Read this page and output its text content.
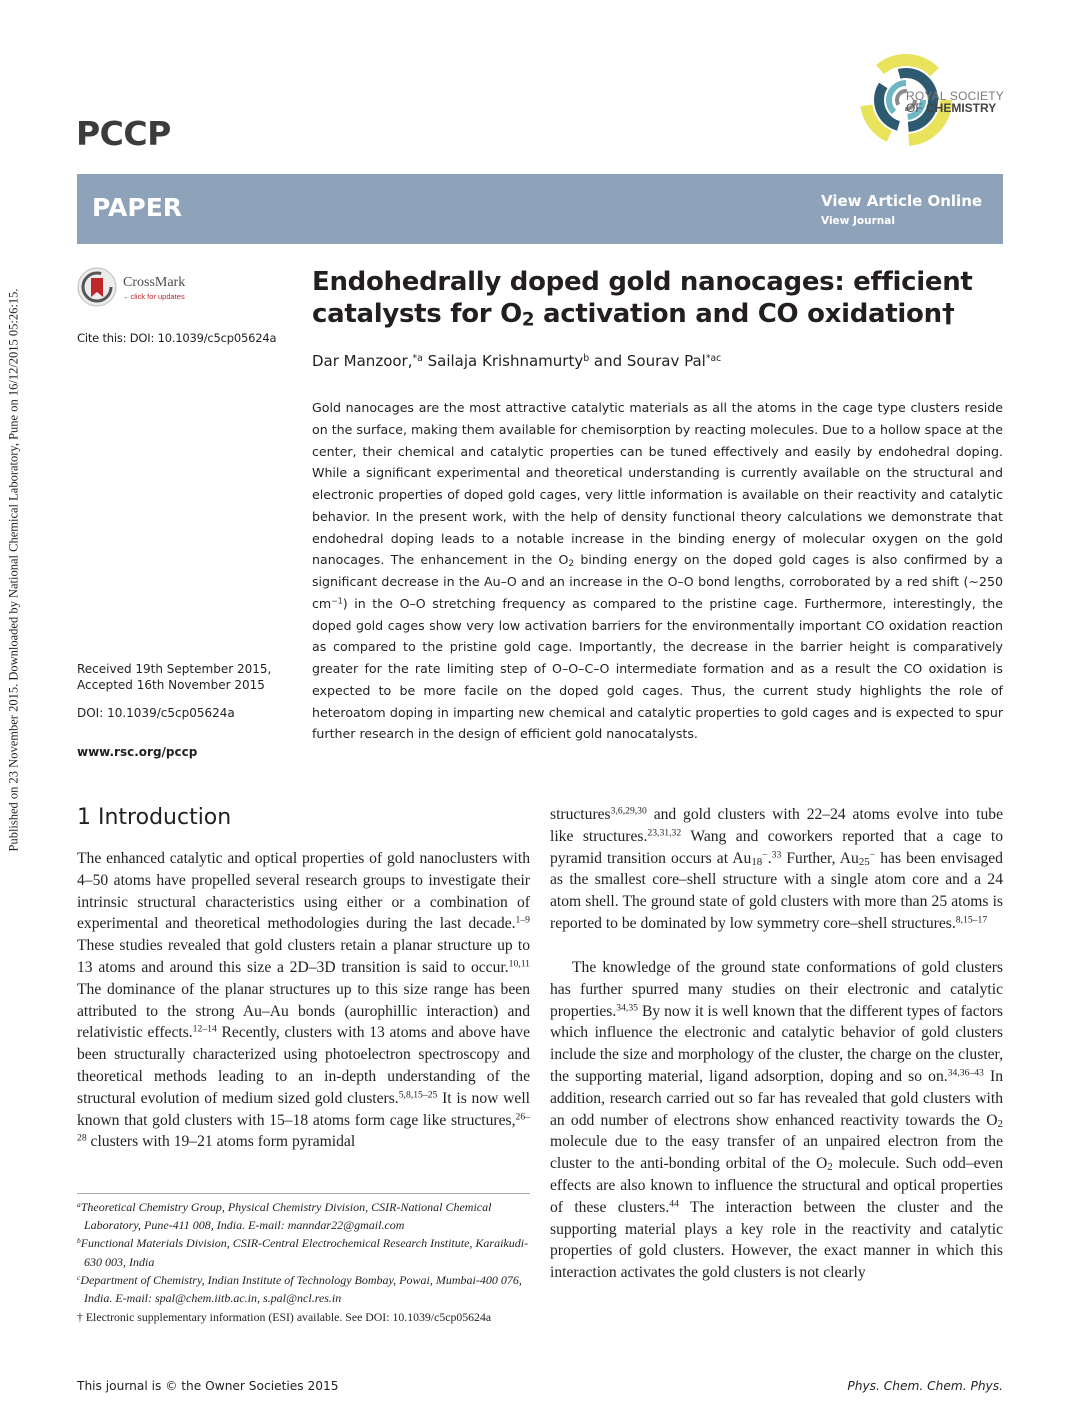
Published on 23 November 2015. Downloaded by National Chemical Laboratory, Pune on 16/12/2015 05:26:15.
PCCP
ROYAL SOCIETY
OF CHEMISTRY
PAPER	View Article Online
View Journal
CrossMark
←click for updates
Cite this: DOI: 10.1039/c5cp05624a
Endohedrally doped gold nanocages: efficient catalysts for $O_2$ activation and CO oxidation†
Dar Manzoor,$^{*a}$ Sailaja Krishnamurty$^b$ and Sourav Pal$^{*ac}$

Gold nanocages are the most attractive catalytic materials as all the atoms in the cage type clusters reside on the surface, making them available for chemisorption by reacting molecules. Due to a hollow space at the center, their chemical and catalytic properties can be tuned effectively and easily by endohedral doping. While a significant experimental and theoretical understanding is currently available on the structural and electronic properties of doped gold cages, very little information is available on their reactivity and catalytic behavior. In the present work, with the help of density functional theory calculations we demonstrate that endohedral doping leads to a notable increase in the binding energy of molecular oxygen on the gold nanocages. The enhancement in the $O_2$ binding energy on the doped gold cages is also confirmed by a significant decrease in the Au–O and an increase in the O–O bond lengths, corroborated by a red shift (∼250 $cm^{-1}$) in the O–O stretching frequency as compared to the pristine cage. Furthermore, interestingly, the doped gold cages show very low activation barriers for the environmentally important CO oxidation reaction as compared to the pristine gold cage. Importantly, the decrease in the barrier height is comparatively greater for the rate limiting step of O–O–C–O intermediate formation and as a result the CO oxidation is expected to be more facile on the doped gold cages. Thus, the current study highlights the role of heteroatom doping in imparting new chemical and catalytic properties to gold cages and is expected to spur further research in the design of efficient gold nanocatalysts.

Received 19th September 2015,
Accepted 16th November 2015
DOI: 10.1039/c5cp05624a
www.rsc.org/pccp
1 Introduction

The enhanced catalytic and optical properties of gold nanoclusters with 4–50 atoms have propelled several research groups to investigate their intrinsic structural characteristics using either or a combination of experimental and theoretical methodologies during the last decade.$^{1-9}$ These studies revealed that gold clusters retain a planar structure up to 13 atoms and around this size a 2D–3D transition is said to occur.$^{10,11}$ The dominance of the planar structures up to this size range has been attributed to the strong Au–Au bonds (aurophillic interaction) and relativistic effects.$^{12-14}$ Recently, clusters with 13 atoms and above have been structurally characterized using photoelectron spectroscopy and theoretical methods leading to an in-depth understanding of the structural evolution of medium sized gold clusters.$^{5,8,15-25}$ It is now well known that gold clusters with 15–18 atoms form cage like structures,$^{26-28}$ clusters with 19–21 atoms form pyramidal

structures$^{3,6,29,30}$ and gold clusters with 22–24 atoms evolve into tube like structures.$^{23,31,32}$ Wang and coworkers reported that a cage to pyramid transition occurs at $Au_{18}^-.^{33}$ Further, $Au_{25}^-$ has been envisaged as the smallest core–shell structure with a single atom core and a 24 atom shell. The ground state of gold clusters with more than 25 atoms is reported to be dominated by low symmetry core–shell structures.$^{8,15-17}$

The knowledge of the ground state conformations of gold clusters has further spurred many studies on their electronic and catalytic properties.$^{34,35}$ By now it is well known that the different types of factors which influence the electronic and catalytic behavior of gold clusters include the size and morphology of the cluster, the charge on the cluster, the supporting material, ligand adsorption, doping and so on.$^{34,36-43}$ In addition, research carried out so far has revealed that gold clusters with an odd number of electrons show enhanced reactivity towards the $O_2$ molecule due to the easy transfer of an unpaired electron from the cluster to the anti-bonding orbital of the $O_2$ molecule. Such odd–even effects are also known to influence the structural and optical properties of these clusters.$^{44}$ The interaction between the cluster and the supporting material plays a key role in the reactivity and catalytic properties of gold clusters. However, the exact manner in which this interaction activates the gold clusters is not clearly

$^a$Theoretical Chemistry Group, Physical Chemistry Division, CSIR-National Chemical Laboratory, Pune-411 008, India. E-mail: manndar22@gmail.com
$^b$Functional Materials Division, CSIR-Central Electrochemical Research Institute, Karaikudi-630 003, India
$^c$Department of Chemistry, Indian Institute of Technology Bombay, Powai, Mumbai-400 076, India. E-mail: spal@chem.iitb.ac.in, s.pal@ncl.res.in
† Electronic supplementary information (ESI) available. See DOI: 10.1039/c5cp05624a
This journal is © the Owner Societies 2015	Phys. Chem. Chem. Phys.
